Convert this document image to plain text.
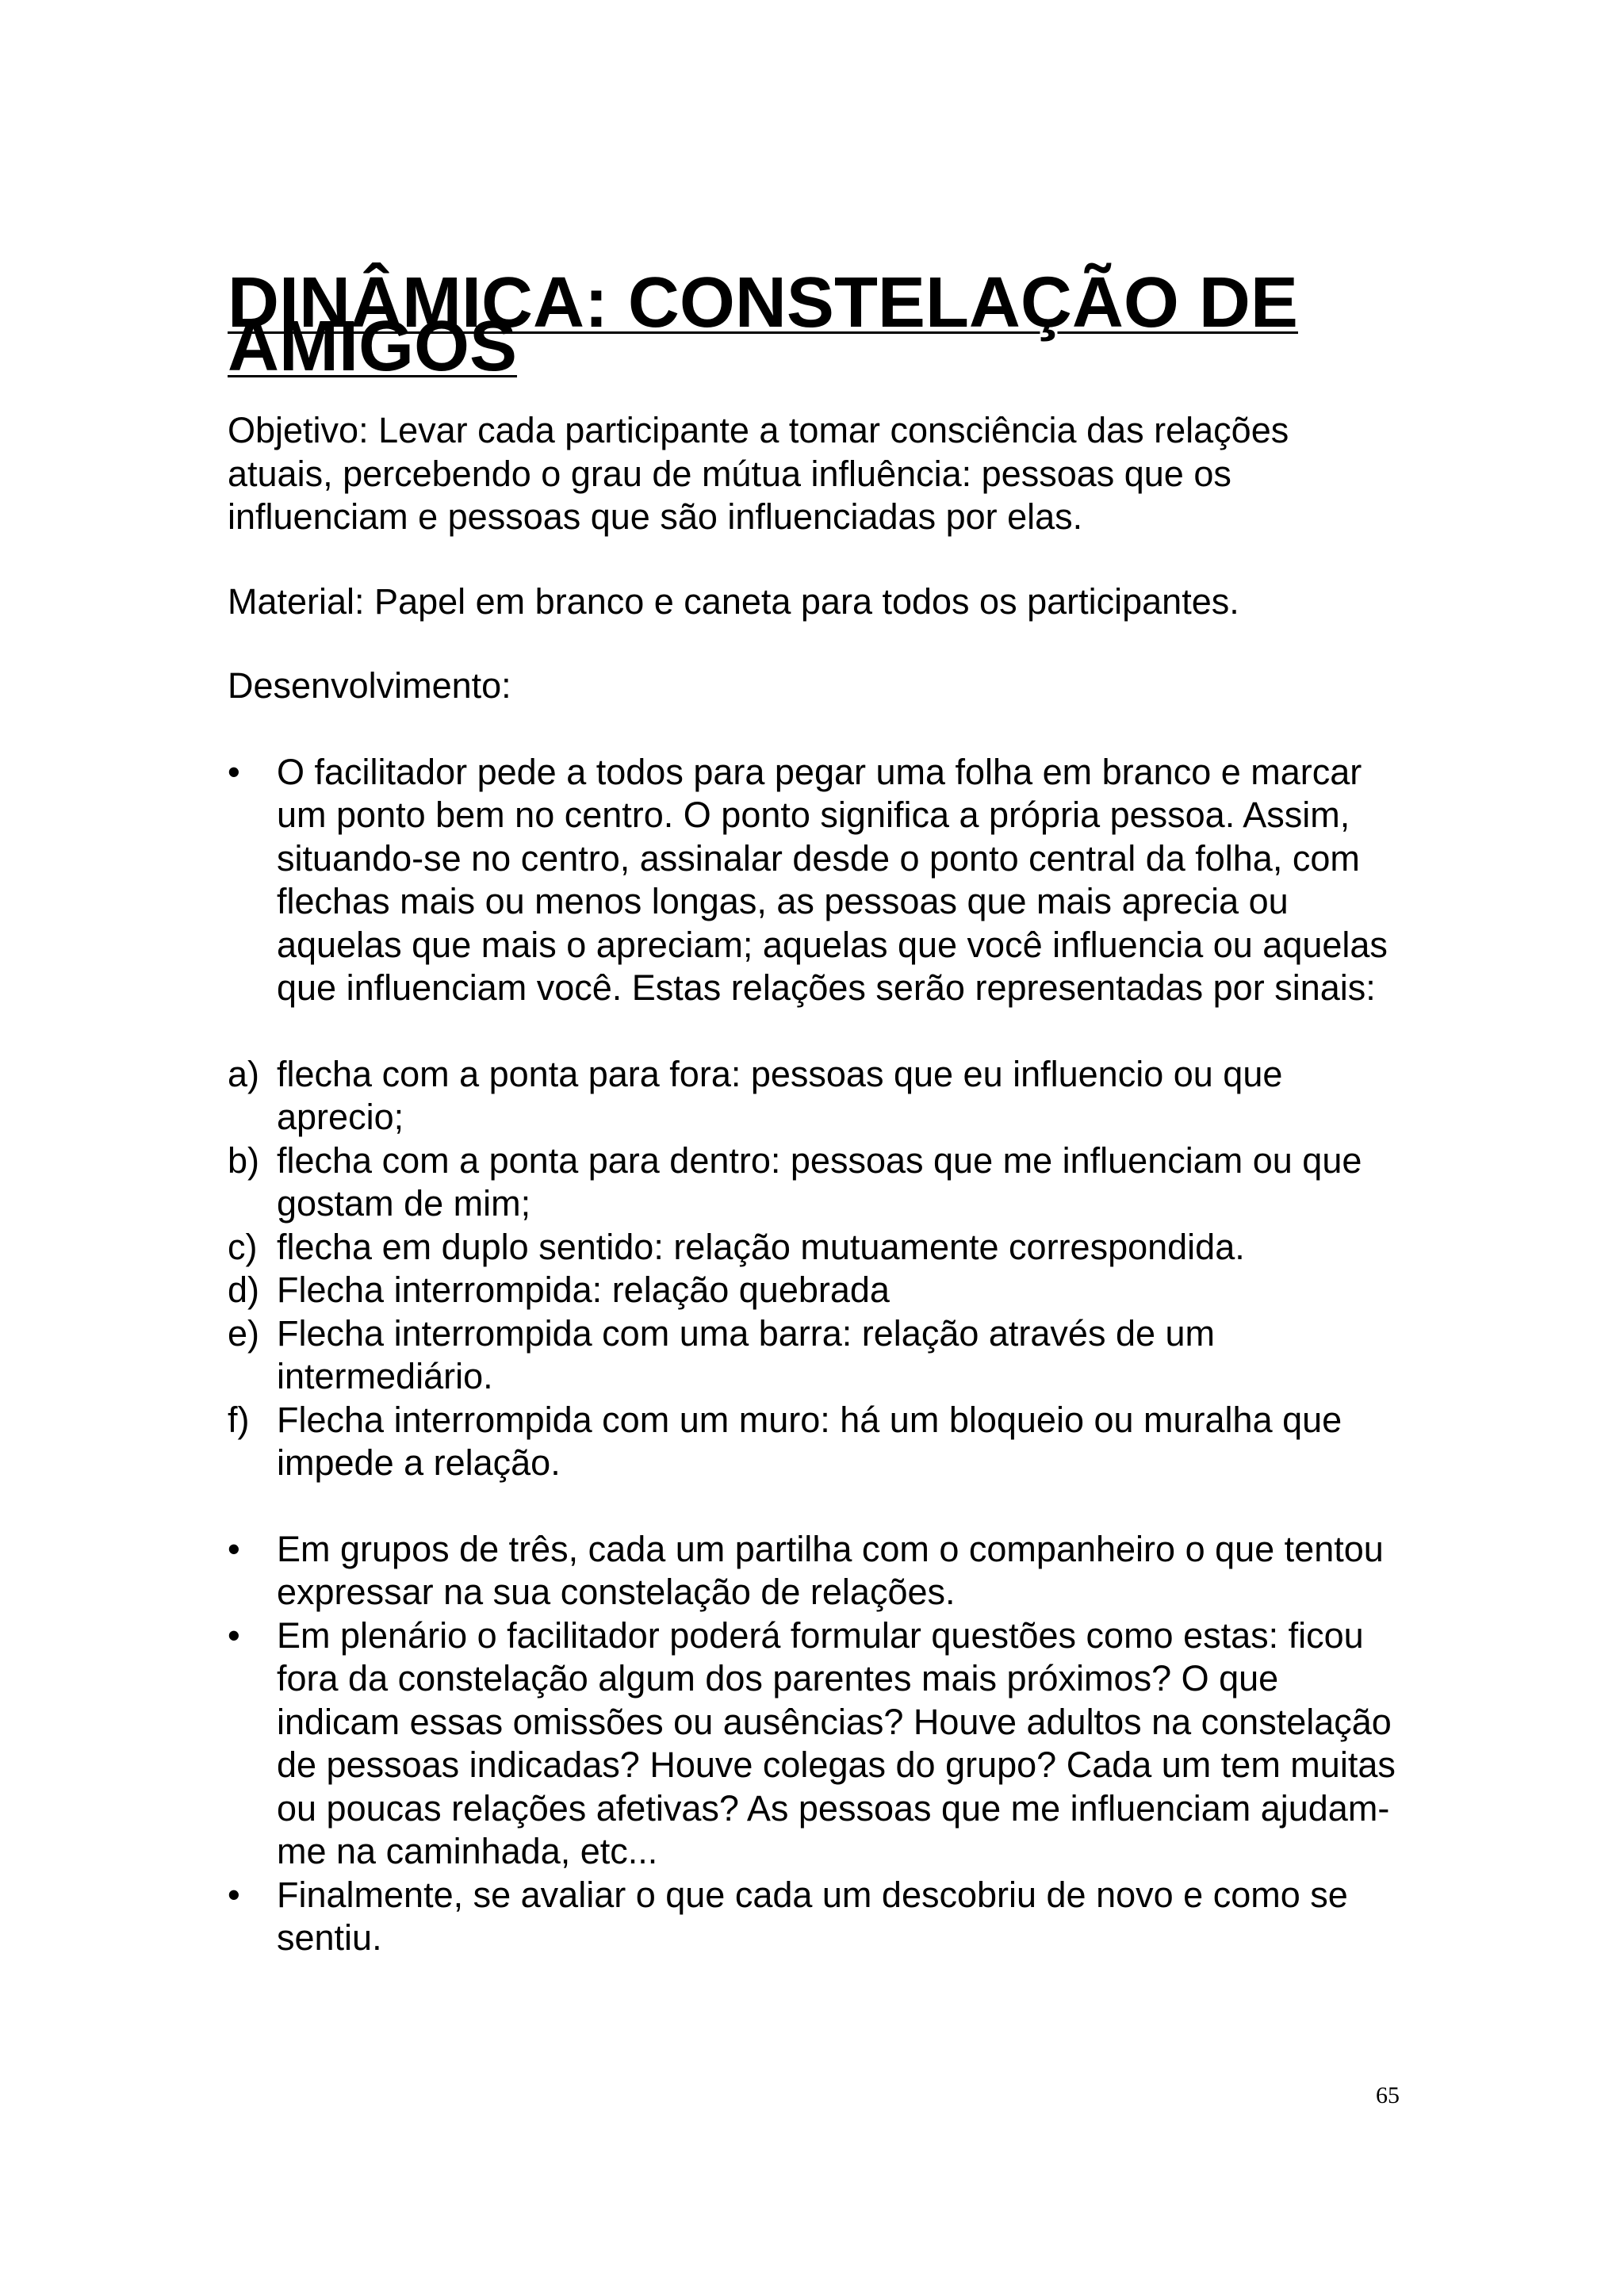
DINÂMICA: CONSTELAÇÃO DE AMIGOS

Objetivo: Levar cada participante a tomar consciência das relações atuais, percebendo o grau de mútua influência: pessoas que os influenciam e pessoas que são influenciadas por elas.

Material: Papel em branco e caneta para todos os participantes.

Desenvolvimento:

•	O facilitador pede a todos para pegar uma folha em branco e marcar um ponto bem no centro. O ponto significa a própria pessoa. Assim, situando-se no centro, assinalar desde o ponto central da folha, com flechas mais ou menos longas, as pessoas que mais aprecia ou aquelas que mais o apreciam; aquelas que você influencia ou aquelas que influenciam você. Estas relações serão representadas por sinais:
a) flecha com a ponta para fora: pessoas que eu influencio ou que aprecio;
b) flecha com a ponta para dentro: pessoas que me influenciam ou que gostam de mim;
c) flecha em duplo sentido: relação mutuamente correspondida.
d) Flecha interrompida: relação quebrada
e) Flecha interrompida com uma barra: relação através de um intermediário.
f) Flecha interrompida com um muro: há um bloqueio ou muralha que impede a relação.
•	Em grupos de três, cada um partilha com o companheiro o que tentou expressar na sua constelação de relações.
•	Em plenário o facilitador poderá formular questões como estas: ficou fora da constelação algum dos parentes mais próximos? O que indicam essas omissões ou ausências? Houve adultos na constelação de pessoas indicadas? Houve colegas do grupo? Cada um tem muitas ou poucas relações afetivas? As pessoas que me influenciam ajudam-me na caminhada, etc...
•	Finalmente, se avaliar o que cada um descobriu de novo e como se sentiu.
65
